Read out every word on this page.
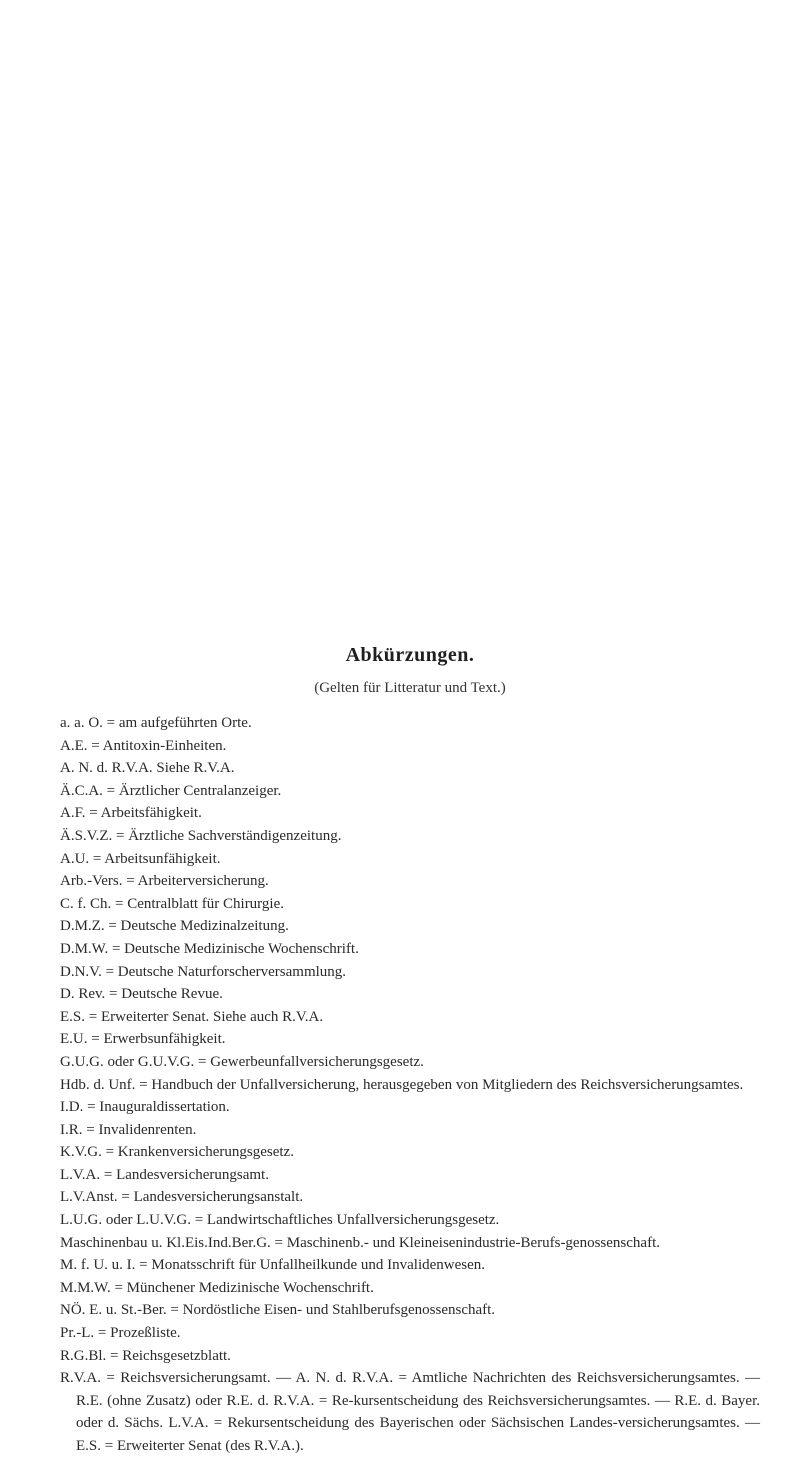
Abkürzungen.
(Gelten für Litteratur und Text.)
a. a. O. = am aufgeführten Orte.
A.E. = Antitoxin-Einheiten.
A. N. d. R.V.A. Siehe R.V.A.
Ä.C.A. = Ärztlicher Centralanzeiger.
A.F. = Arbeitsfähigkeit.
Ä.S.V.Z. = Ärztliche Sachverständigenzeitung.
A.U. = Arbeitsunfähigkeit.
Arb.-Vers. = Arbeiterversicherung.
C. f. Ch. = Centralblatt für Chirurgie.
D.M.Z. = Deutsche Medizinalzeitung.
D.M.W. = Deutsche Medizinische Wochenschrift.
D.N.V. = Deutsche Naturforscherversammlung.
D. Rev. = Deutsche Revue.
E.S. = Erweiterter Senat. Siehe auch R.V.A.
E.U. = Erwerbsunfähigkeit.
G.U.G. oder G.U.V.G. = Gewerbeunfallversicherungsgesetz.
Hdb. d. Unf. = Handbuch der Unfallversicherung, herausgegeben von Mitgliedern des Reichsversicherungsamtes.
I.D. = Inauguraldissertation.
I.R. = Invalidenrenten.
K.V.G. = Krankenversicherungsgesetz.
L.V.A. = Landesversicherungsamt.
L.V.Anst. = Landesversicherungsanstalt.
L.U.G. oder L.U.V.G. = Landwirtschaftliches Unfallversicherungsgesetz.
Maschinenbau u. Kl.Eis.Ind.Ber.G. = Maschinenb.- und Kleineisenindustrie-Berufs-genossenschaft.
M. f. U. u. I. = Monatsschrift für Unfallheilkunde und Invalidenwesen.
M.M.W. = Münchener Medizinische Wochenschrift.
NÖ. E. u. St.-Ber. = Nordöstliche Eisen- und Stahlberufsgenossenschaft.
Pr.-L. = Prozeßliste.
R.G.Bl. = Reichsgesetzblatt.
R.V.A. = Reichsversicherungsamt. — A. N. d. R.V.A. = Amtliche Nachrichten des Reichsversicherungsamtes. — R.E. (ohne Zusatz) oder R.E. d. R.V.A. = Re-kursentscheidung des Reichsversicherungsamtes. — R.E. d. Bayer. oder d. Sächs. L.V.A. = Rekursentscheidung des Bayerischen oder Sächsischen Landes-versicherungsamtes. — E.S. = Erweiterter Senat (des R.V.A.).
